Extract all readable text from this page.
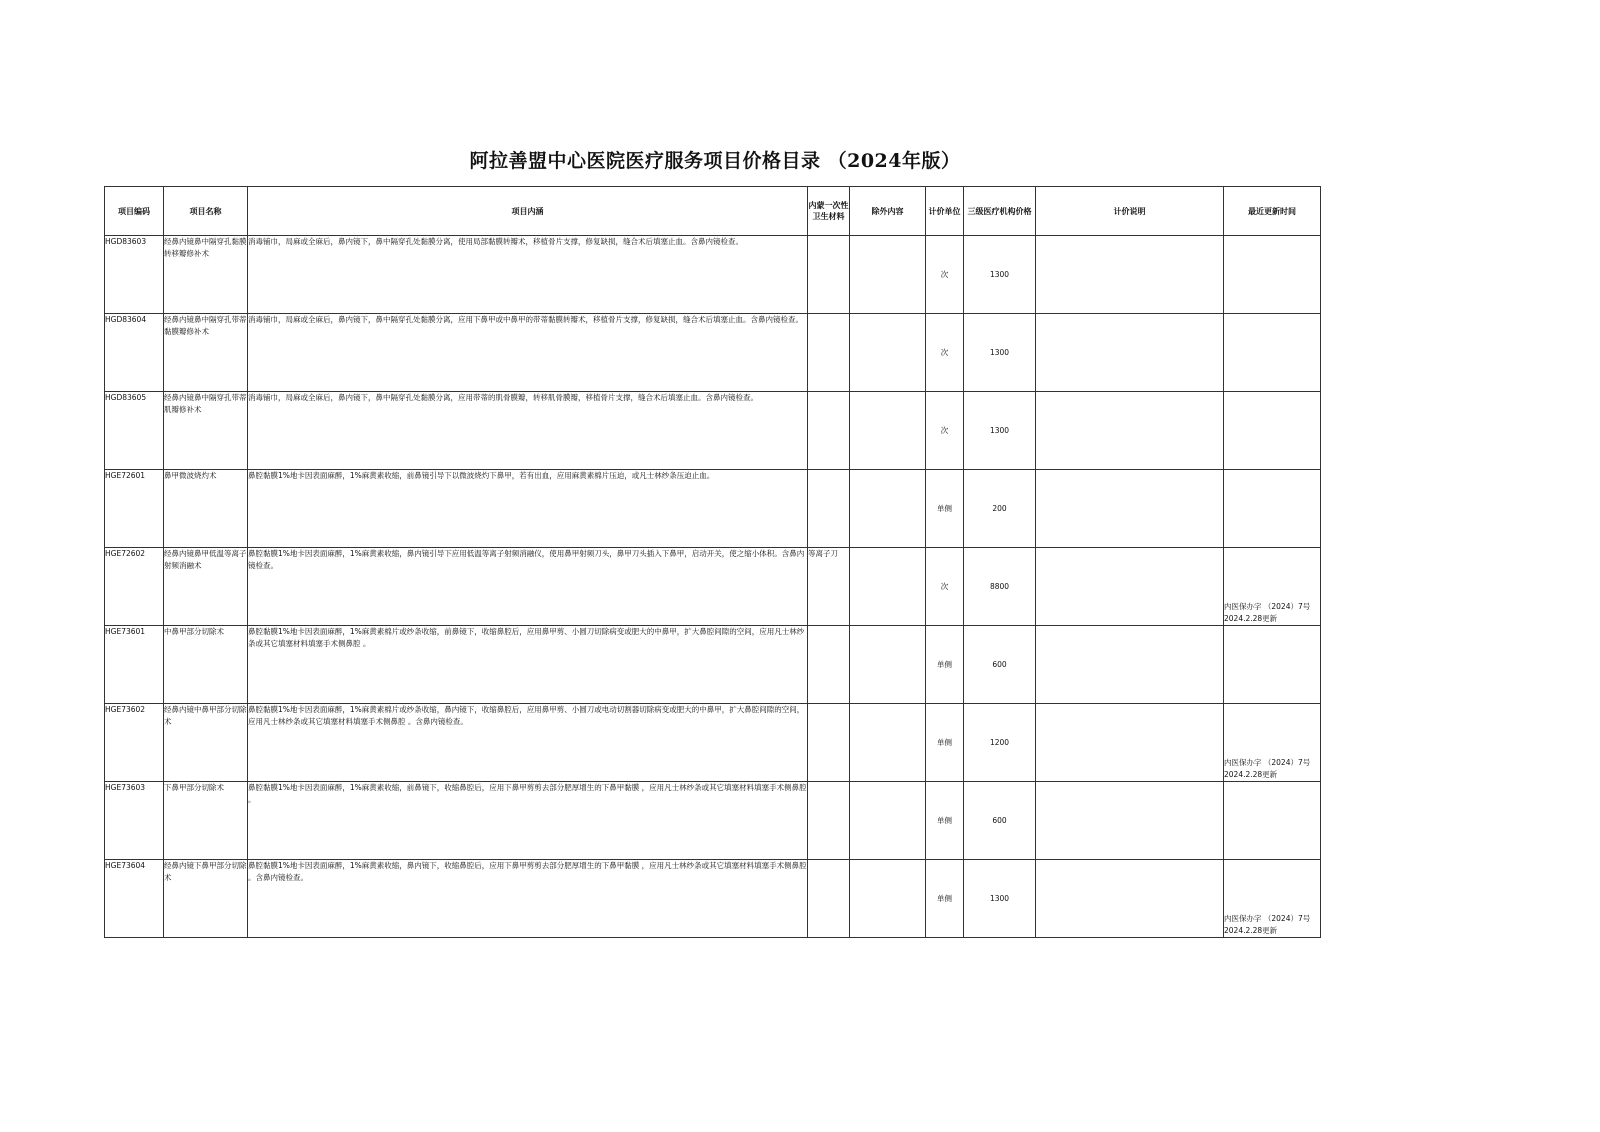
阿拉善盟中心医院医疗服务项目价格目录 （2024年版）
项目编码	项目名称	项目内涵	内蒙一次性卫生材料	除外内容	计价单位	三级医疗机构价格	计价说明	最近更新时间
HGD83603	经鼻内镜鼻中隔穿孔黏膜转移瓣修补术	消毒铺巾，局麻或全麻后，鼻内镜下，鼻中隔穿孔处黏膜分离，使用局部黏膜转瓣术，移植骨片支撑，修复缺损，缝合术后填塞止血。含鼻内镜检查。			次	1300		
HGD83604	经鼻内镜鼻中隔穿孔带蒂黏膜瓣修补术	消毒铺巾，局麻或全麻后，鼻内镜下，鼻中隔穿孔处黏膜分离，应用下鼻甲或中鼻甲的带蒂黏膜转瓣术，移植骨片支撑，修复缺损，缝合术后填塞止血。含鼻内镜检查。			次	1300		
HGD83605	经鼻内镜鼻中隔穿孔带蒂肌瓣修补术	消毒铺巾，局麻或全麻后，鼻内镜下，鼻中隔穿孔处黏膜分离，应用带蒂的肌骨膜瓣，转移肌骨膜瓣，移植骨片支撑，缝合术后填塞止血。含鼻内镜检查。			次	1300		
HGE72601	鼻甲微波烧灼术	鼻腔黏膜1%地卡因表面麻醉，1%麻黄素收缩，前鼻镜引导下以微波烧灼下鼻甲，若有出血，应用麻黄素棉片压迫，或凡士林纱条压迫止血。			单侧	200		
HGE72602	经鼻内镜鼻甲低温等离子射频消融术	鼻腔黏膜1%地卡因表面麻醉，1%麻黄素收缩，鼻内镜引导下应用低温等离子射频消融仪，使用鼻甲射频刀头，鼻甲刀头插入下鼻甲，启动开关，使之缩小体积。含鼻内镜检查。	等离子刀		次	8800		内医保办字 （2024）7号 2024.2.28更新
HGE73601	中鼻甲部分切除术	鼻腔黏膜1%地卡因表面麻醉，1%麻黄素棉片或纱条收缩，前鼻镜下，收缩鼻腔后，应用鼻甲剪、小圆刀切除病变或肥大的中鼻甲，扩大鼻腔间隙的空间，应用凡士林纱条或其它填塞材料填塞手术侧鼻腔 。			单侧	600		
HGE73602	经鼻内镜中鼻甲部分切除术	鼻腔黏膜1%地卡因表面麻醉，1%麻黄素棉片或纱条收缩，鼻内镜下，收缩鼻腔后，应用鼻甲剪、小圆刀或电动切割器切除病变或肥大的中鼻甲，扩大鼻腔间隙的空间，应用凡士林纱条或其它填塞材料填塞手术侧鼻腔 。含鼻内镜检查。			单侧	1200		内医保办字 （2024）7号 2024.2.28更新
HGE73603	下鼻甲部分切除术	鼻腔黏膜1%地卡因表面麻醉，1%麻黄素收缩，前鼻镜下，收缩鼻腔后，应用下鼻甲剪剪去部分肥厚增生的下鼻甲黏膜 ，应用凡士林纱条或其它填塞材料填塞手术侧鼻腔 。			单侧	600		
HGE73604	经鼻内镜下鼻甲部分切除术	鼻腔黏膜1%地卡因表面麻醉，1%麻黄素收缩，鼻内镜下，收缩鼻腔后，应用下鼻甲剪剪去部分肥厚增生的下鼻甲黏膜 ，应用凡士林纱条或其它填塞材料填塞手术侧鼻腔 。含鼻内镜检查。			单侧	1300		内医保办字 （2024）7号 2024.2.28更新
